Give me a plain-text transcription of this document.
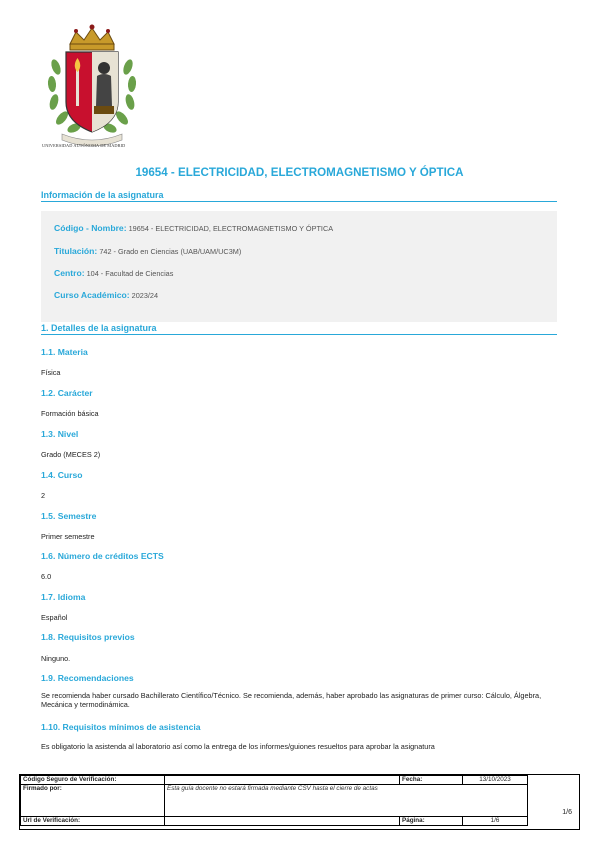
UNIVERSIDAD AUTÓNOMA DE MADRID
19654 - ELECTRICIDAD, ELECTROMAGNETISMO Y ÓPTICA
Información de la asignatura
Código - Nombre: 19654 - ELECTRICIDAD, ELECTROMAGNETISMO Y ÓPTICA
Titulación: 742 - Grado en Ciencias (UAB/UAM/UC3M)
Centro: 104 - Facultad de Ciencias
Curso Académico: 2023/24
1. Detalles de la asignatura
1.1. Materia
Física
1.2. Carácter
Formación básica
1.3. Nivel
Grado (MECES 2)
1.4. Curso
2
1.5. Semestre
Primer semestre
1.6. Número de créditos ECTS
6.0
1.7. Idioma
Español
1.8. Requisitos previos
Ninguno.
1.9. Recomendaciones
Se recomienda haber cursado Bachillerato Científico/Técnico. Se recomienda, además, haber aprobado las asignaturas de primer curso: Cálculo, Álgebra, Mecánica y termodinámica.
1.10. Requisitos mínimos de asistencia
Es obligatorio la asistenda al laboratorio así como la entrega de los informes/guiones resueltos para aprobar la asignatura
Código Seguro de Verificación:		Fecha:	13/10/2023
Firmado por:	Esta guía docente no estará firmada mediante CSV hasta el cierre de actas		
Url de Verificación:		Página:	1/6
1/6
